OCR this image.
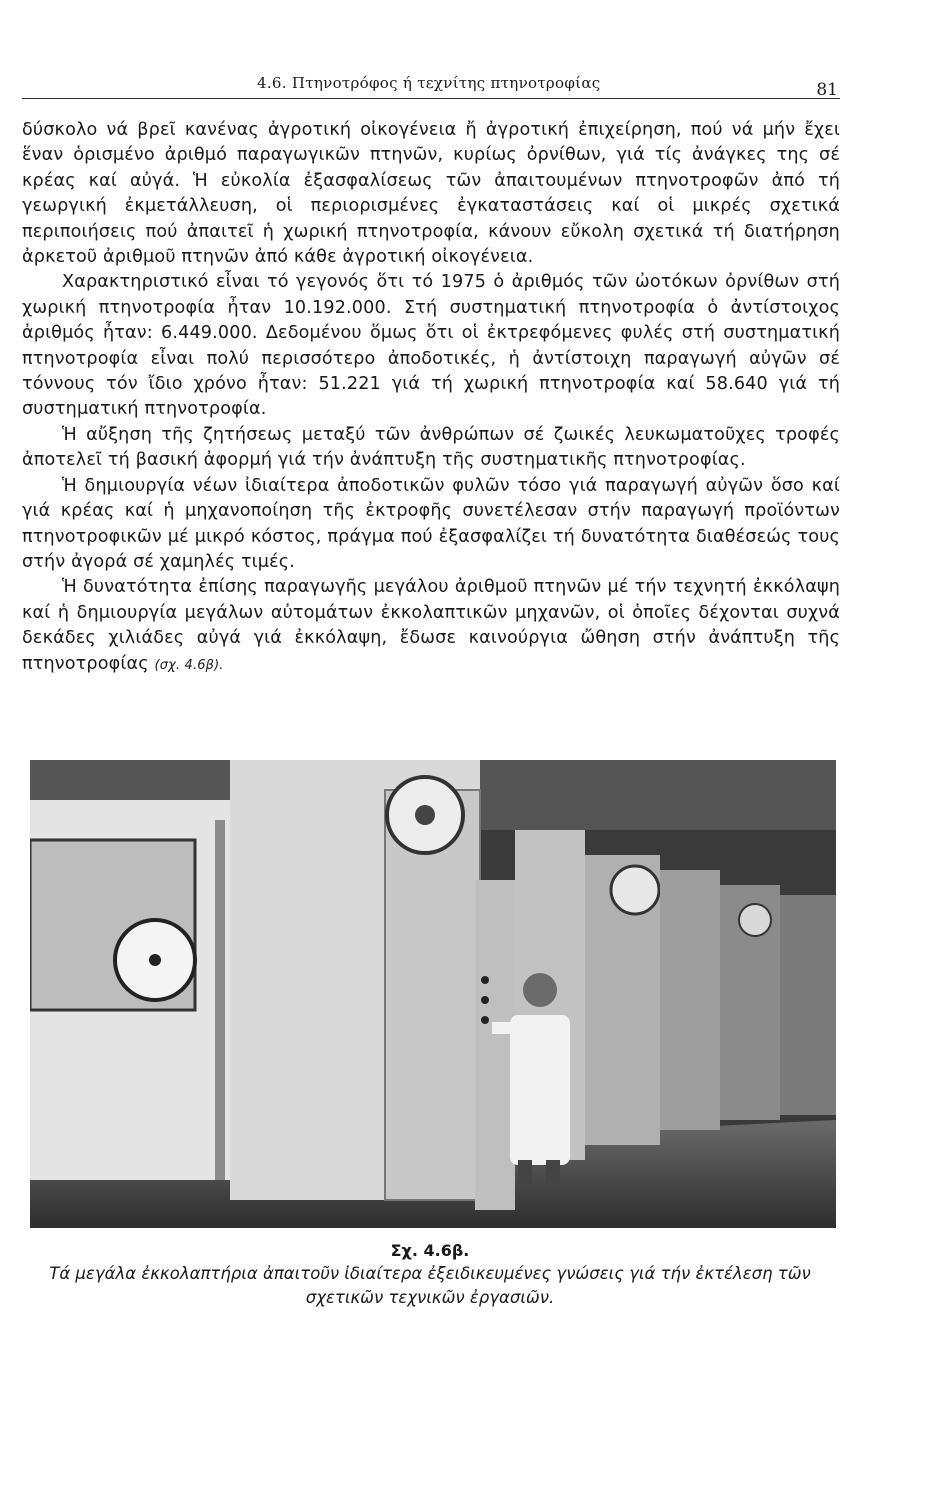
4.6. Πτηνοτρόφος ή τεχνίτης πτηνοτροφίας	81

δύσκολο νά βρεῖ κανένας ἀγροτική οἰκογένεια ἤ ἀγροτική ἐπιχείρηση, πού νά μήν ἔχει ἕναν ὁρισμένο ἀριθμό παραγωγικῶν πτηνῶν, κυρίως ὀρνίθων, γιά τίς ἀνάγκες της σέ κρέας καί αὐγά. Ἡ εὐκολία ἐξασφαλίσεως τῶν ἀπαιτουμένων πτηνοτροφῶν ἀπό τή γεωργική ἐκμετάλλευση, οἱ περιορισμένες ἐγκαταστάσεις καί οἱ μικρές σχετικά περιποιήσεις πού ἀπαιτεῖ ἡ χωρική πτηνοτροφία, κάνουν εὔκολη σχετικά τή διατήρηση ἀρκετοῦ ἀριθμοῦ πτηνῶν ἀπό κάθε ἀγροτική οἰκογένεια.

Χαρακτηριστικό εἶναι τό γεγονός ὅτι τό 1975 ὁ ἀριθμός τῶν ὠοτόκων ὀρνίθων στή χωρική πτηνοτροφία ἦταν 10.192.000. Στή συστηματική πτηνοτροφία ὁ ἀντίστοιχος ἀριθμός ἦταν: 6.449.000. Δεδομένου ὅμως ὅτι οἱ ἐκτρεφόμενες φυλές στή συστηματική πτηνοτροφία εἶναι πολύ περισσότερο ἀποδοτικές, ἡ ἀντίστοιχη παραγωγή αὐγῶν σέ τόννους τόν ἴδιο χρόνο ἦταν: 51.221 γιά τή χωρική πτηνοτροφία καί 58.640 γιά τή συστηματική πτηνοτροφία.

Ἡ αὔξηση τῆς ζητήσεως μεταξύ τῶν ἀνθρώπων σέ ζωικές λευκωματοῦχες τροφές ἀποτελεῖ τή βασική ἀφορμή γιά τήν ἀνάπτυξη τῆς συστηματικῆς πτηνοτροφίας.

Ἡ δημιουργία νέων ἰδιαίτερα ἀποδοτικῶν φυλῶν τόσο γιά παραγωγή αὐγῶν ὅσο καί γιά κρέας καί ἡ μηχανοποίηση τῆς ἐκτροφῆς συνετέλεσαν στήν παραγωγή προϊόντων πτηνοτροφικῶν μέ μικρό κόστος, πράγμα πού ἐξασφαλίζει τή δυνατότητα διαθέσεώς τους στήν ἀγορά σέ χαμηλές τιμές.

Ἡ δυνατότητα ἐπίσης παραγωγῆς μεγάλου ἀριθμοῦ πτηνῶν μέ τήν τεχνητή ἐκκόλαψη καί ἡ δημιουργία μεγάλων αὐτομάτων ἐκκολαπτικῶν μηχανῶν, οἱ ὁποῖες δέχονται συχνά δεκάδες χιλιάδες αὐγά γιά ἐκκόλαψη, ἔδωσε καινούργια ὤθηση στήν ἀνάπτυξη τῆς πτηνοτροφίας (σχ. 4.6β).

Σχ. 4.6β.
Τά μεγάλα ἐκκολαπτήρια ἀπαιτοῦν ἰδιαίτερα ἐξειδικευμένες γνώσεις γιά τήν ἐκτέλεση τῶν
σχετικῶν τεχνικῶν ἐργασιῶν.
